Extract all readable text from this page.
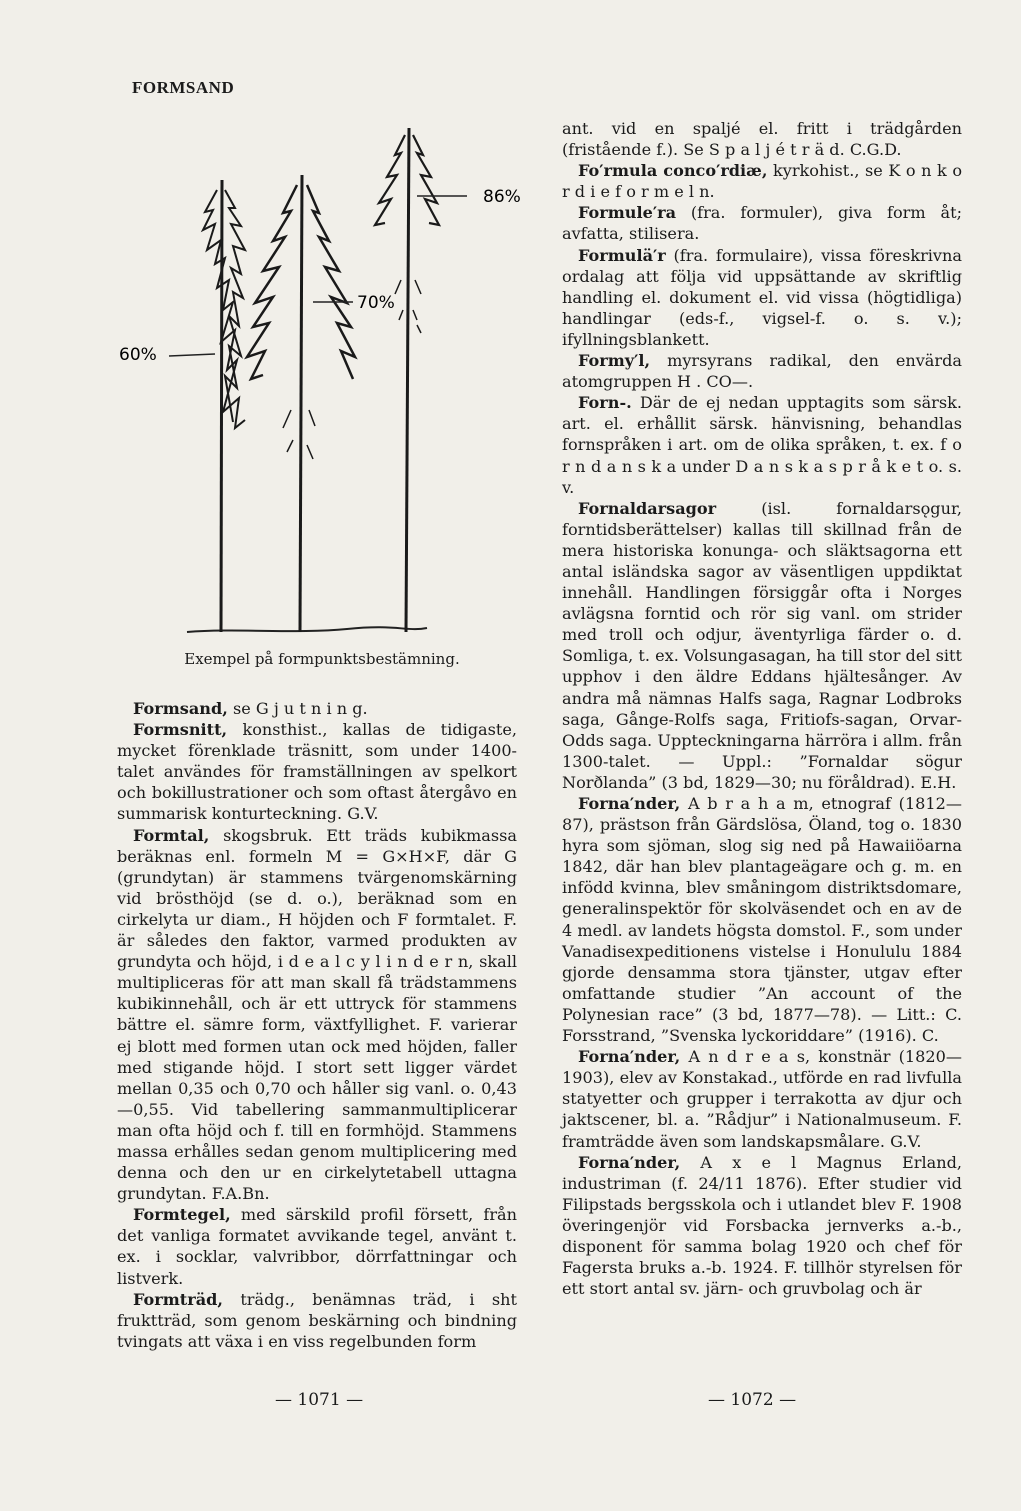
FORMSAND
60%
70%
86%
Exempel på formpunktsbestämning.

Formsand, se G j u t n i n g.

Formsnitt, konsthist., kallas de tidigaste, mycket förenklade träsnitt, som under 1400-talet användes för framställningen av spelkort och bokillustrationer och som oftast återgåvo en summarisk konturteckning. G.V.

Formtal, skogsbruk. Ett träds kubikmassa beräknas enl. formeln M = G×H×F, där G (grundytan) är stammens tvärgenomskärning vid brösthöjd (se d. o.), beräknad som en cirkelyta ur diam., H höjden och F formtalet. F. är således den faktor, varmed produkten av grundyta och höjd, i d e a l c y l i n d e r n, skall multipliceras för att man skall få trädstammens kubikinnehåll, och är ett uttryck för stammens bättre el. sämre form, växtfyllighet. F. varierar ej blott med formen utan ock med höjden, faller med stigande höjd. I stort sett ligger värdet mellan 0,35 och 0,70 och håller sig vanl. o. 0,43—0,55. Vid tabellering sammanmultiplicerar man ofta höjd och f. till en formhöjd. Stammens massa erhålles sedan genom multiplicering med denna och den ur en cirkelytetabell uttagna grundytan. F.A.Bn.

Formtegel, med särskild profil försett, från det vanliga formatet avvikande tegel, använt t. ex. i socklar, valvribbor, dörrfattningar och listverk.

Formträd, trädg., benämnas träd, i sht fruktträd, som genom beskärning och bindning tvingats att växa i en viss regelbunden form

ant. vid en spaljé el. fritt i trädgården (fristående f.). Se S p a l j é t r ä d. C.G.D.

Fo′rmula conco′rdiæ, kyrkohist., se K o n k o r d i e f o r m e l n.

Formule′ra (fra. formuler), giva form åt; avfatta, stilisera.

Formulä′r (fra. formulaire), vissa föreskrivna ordalag att följa vid uppsättande av skriftlig handling el. dokument el. vid vissa (högtidliga) handlingar (eds-f., vigsel-f. o. s. v.); ifyllningsblankett.

Formy′l, myrsyrans radikal, den envärda atomgruppen H . CO—.

Forn-. Där de ej nedan upptagits som särsk. art. el. erhållit särsk. hänvisning, behandlas fornspråken i art. om de olika språken, t. ex. f o r n d a n s k a under D a n s k a s p r å k e t o. s. v.

Fornaldarsagor (isl. fornaldarsǫgur, forntidsberättelser) kallas till skillnad från de mera historiska konunga- och släktsagorna ett antal isländska sagor av väsentligen uppdiktat innehåll. Handlingen försiggår ofta i Norges avlägsna forntid och rör sig vanl. om strider med troll och odjur, äventyrliga färder o. d. Somliga, t. ex. Volsungasagan, ha till stor del sitt upphov i den äldre Eddans hjältesånger. Av andra må nämnas Halfs saga, Ragnar Lodbroks saga, Gånge-Rolfs saga, Fritiofs-sagan, Orvar-Odds saga. Uppteckningarna härröra i allm. från 1300-talet. — Uppl.: ”Fornaldar sögur Norðlanda” (3 bd, 1829—30; nu föråldrad). E.H.

Forna′nder, A b r a h a m, etnograf (1812—87), prästson från Gärdslösa, Öland, tog o. 1830 hyra som sjöman, slog sig ned på Hawaiiöarna 1842, där han blev plantageägare och g. m. en infödd kvinna, blev småningom distriktsdomare, generalinspektör för skolväsendet och en av de 4 medl. av landets högsta domstol. F., som under Vanadisexpeditionens vistelse i Honululu 1884 gjorde densamma stora tjänster, utgav efter omfattande studier ”An account of the Polynesian race” (3 bd, 1877—78). — Litt.: C. Forsstrand, ”Svenska lyckoriddare” (1916). C.

Forna′nder, A n d r e a s, konstnär (1820—1903), elev av Konstakad., utförde en rad livfulla statyetter och grupper i terrakotta av djur och jaktscener, bl. a. ”Rådjur” i Nationalmuseum. F. framträdde även som landskapsmålare. G.V.

Forna′nder, A x e l Magnus Erland, industriman (f. 24/11 1876). Efter studier vid Filipstads bergsskola och i utlandet blev F. 1908 överingenjör vid Forsbacka jernverks a.-b., disponent för samma bolag 1920 och chef för Fagersta bruks a.-b. 1924. F. tillhör styrelsen för ett stort antal sv. järn- och gruvbolag och är

— 1071 —	— 1072 —
